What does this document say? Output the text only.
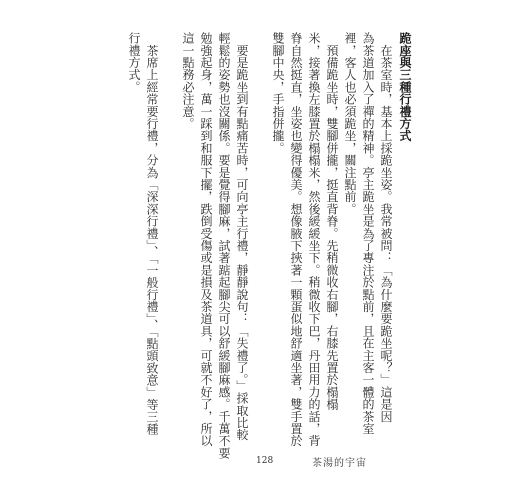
跪座與三種行禮方式
　在茶室時，基本上採跪坐姿。我常被問：「為什麼要跪坐呢？」這是因
為茶道加入了禪的精神。亭主跪坐是為了專注於點前，且在主客一體的茶室
裡，客人也必須跪坐，關注點前。
　預備跪坐時，雙腳併攏，挺直背脊。先稍微收右腳，右膝先置於榻榻
米，接著換左膝置於榻榻米，然後緩緩坐下。稍微收下巴，丹田用力的話，背
脊自然挺直，坐姿也變得優美。想像腋下挾著一顆蛋似地舒適坐著，雙手置於
雙腳中央，手指併攏。
　要是跪坐到有點痛苦時，可向亭主行禮，靜靜說句：「失禮了。」採取比較
輕鬆的姿勢也沒關係。要是覺得腳麻，試著踮起腳尖可以舒緩腳麻感。千萬不要
勉強起身，萬一踩到和服下擺，跌倒受傷或是損及茶道具，可就不好了，所以
這一點務必注意。
　茶席上經常要行禮，分為「深深行禮」、「一般行禮」、「點頭致意」等三種
行禮方式。
128	茶湯的宇宙
